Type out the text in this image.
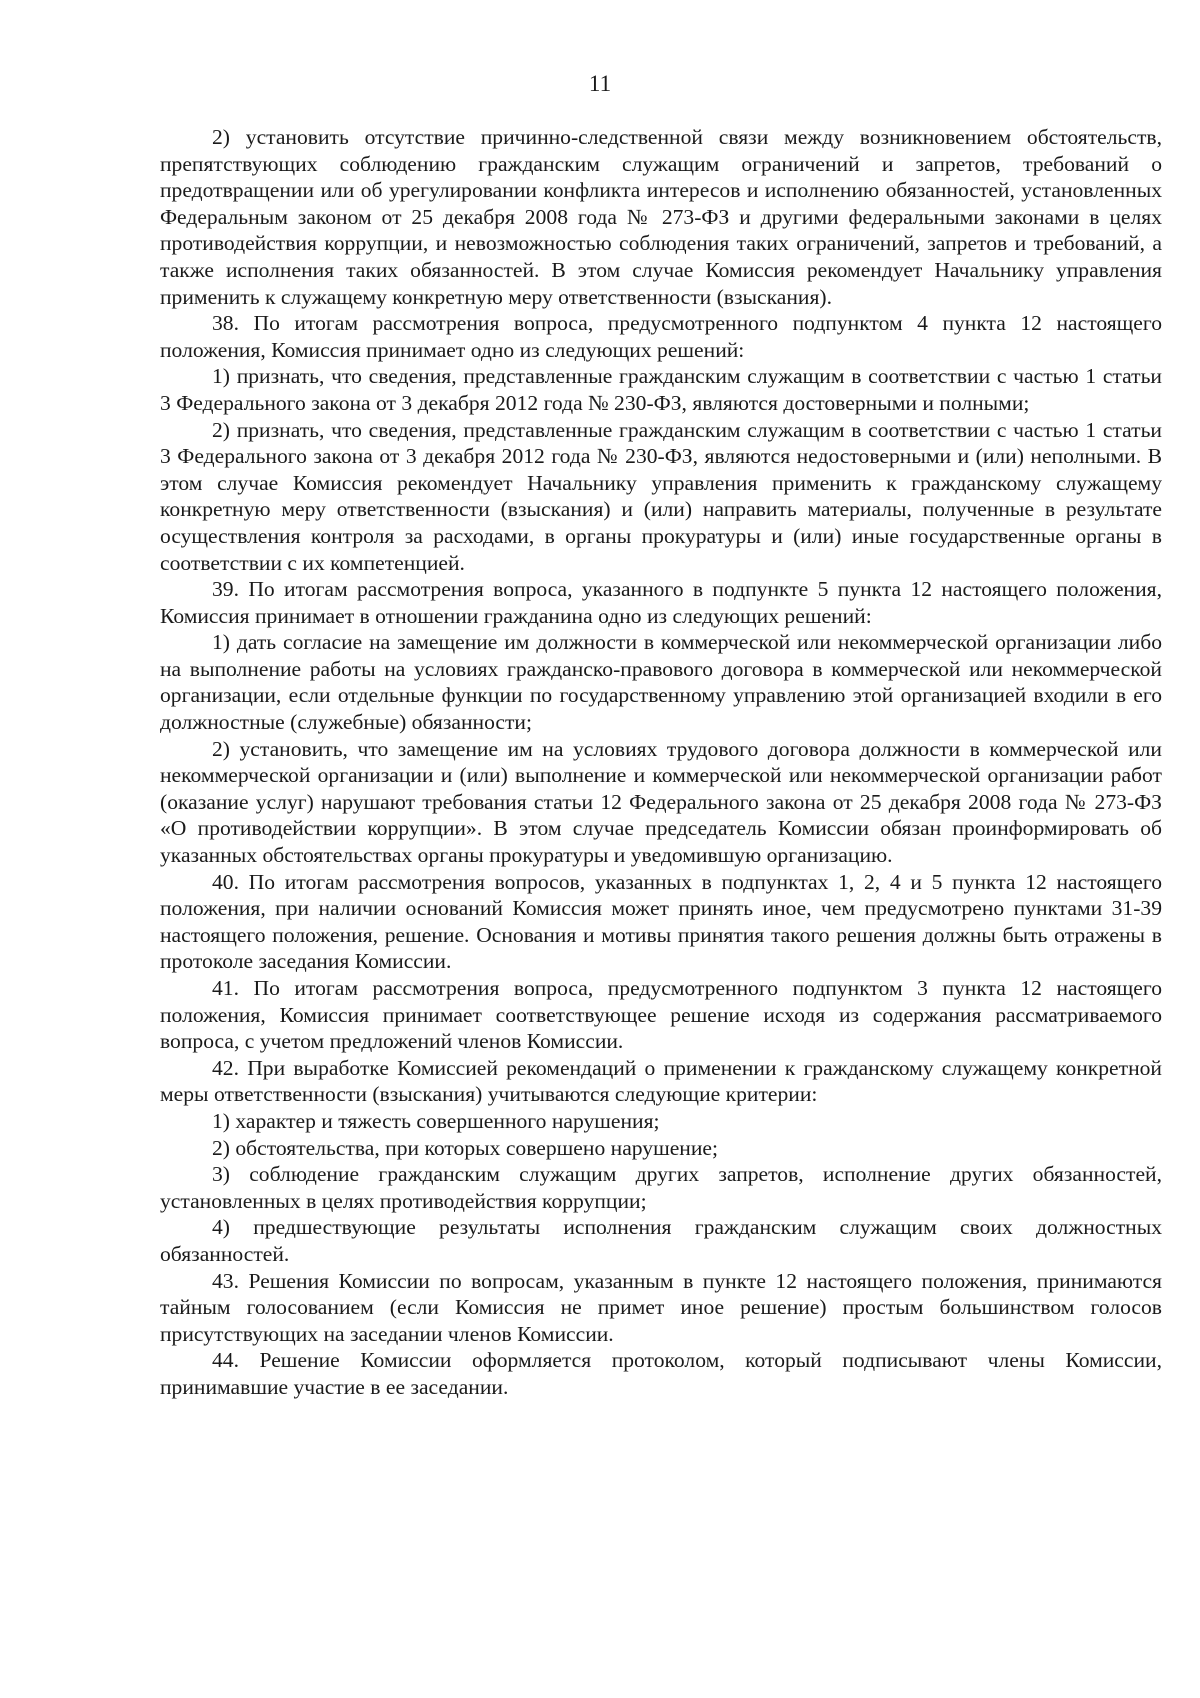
11

2) установить отсутствие причинно-следственной связи между возникновением обстоятельств, препятствующих соблюдению гражданским служащим ограничений и запретов, требований о предотвращении или об урегулировании конфликта интересов и исполнению обязанностей, установленных Федеральным законом от 25 декабря 2008 года № 273-ФЗ и другими федеральными законами в целях противодействия коррупции, и невозможностью соблюдения таких ограничений, запретов и требований, а также исполнения таких обязанностей. В этом случае Комиссия рекомендует Начальнику управления применить к служащему конкретную меру ответственности (взыскания).

38. По итогам рассмотрения вопроса, предусмотренного подпунктом 4 пункта 12 настоящего положения, Комиссия принимает одно из следующих решений:

1) признать, что сведения, представленные гражданским служащим в соответствии с частью 1 статьи 3 Федерального закона от 3 декабря 2012 года № 230-ФЗ, являются достоверными и полными;

2) признать, что сведения, представленные гражданским служащим в соответствии с частью 1 статьи 3 Федерального закона от 3 декабря 2012 года № 230-ФЗ, являются недостоверными и (или) неполными. В этом случае Комиссия рекомендует Начальнику управления применить к гражданскому служащему конкретную меру ответственности (взыскания) и (или) направить материалы, полученные в результате осуществления контроля за расходами, в органы прокуратуры и (или) иные государственные органы в соответствии с их компетенцией.

39. По итогам рассмотрения вопроса, указанного в подпункте 5 пункта 12 настоящего положения, Комиссия принимает в отношении гражданина одно из следующих решений:

1) дать согласие на замещение им должности в коммерческой или некоммерческой организации либо на выполнение работы на условиях гражданско-правового договора в коммерческой или некоммерческой организации, если отдельные функции по государственному управлению этой организацией входили в его должностные (служебные) обязанности;

2) установить, что замещение им на условиях трудового договора должности в коммерческой или некоммерческой организации и (или) выполнение и коммерческой или некоммерческой организации работ (оказание услуг) нарушают требования статьи 12 Федерального закона от 25 декабря 2008 года № 273-ФЗ «О противодействии коррупции». В этом случае председатель Комиссии обязан проинформировать об указанных обстоятельствах органы прокуратуры и уведомившую организацию.

40. По итогам рассмотрения вопросов, указанных в подпунктах 1, 2, 4 и 5 пункта 12 настоящего положения, при наличии оснований Комиссия может принять иное, чем предусмотрено пунктами 31-39 настоящего положения, решение. Основания и мотивы принятия такого решения должны быть отражены в протоколе заседания Комиссии.

41. По итогам рассмотрения вопроса, предусмотренного подпунктом 3 пункта 12 настоящего положения, Комиссия принимает соответствующее решение исходя из содержания рассматриваемого вопроса, с учетом предложений членов Комиссии.

42. При выработке Комиссией рекомендаций о применении к гражданскому служащему конкретной меры ответственности (взыскания) учитываются следующие критерии:

1) характер и тяжесть совершенного нарушения;

2) обстоятельства, при которых совершено нарушение;

3) соблюдение гражданским служащим других запретов, исполнение других обязанностей, установленных в целях противодействия коррупции;

4) предшествующие результаты исполнения гражданским служащим своих должностных обязанностей.

43. Решения Комиссии по вопросам, указанным в пункте 12 настоящего положения, принимаются тайным голосованием (если Комиссия не примет иное решение) простым большинством голосов присутствующих на заседании членов Комиссии.

44. Решение Комиссии оформляется протоколом, который подписывают члены Комиссии, принимавшие участие в ее заседании.
